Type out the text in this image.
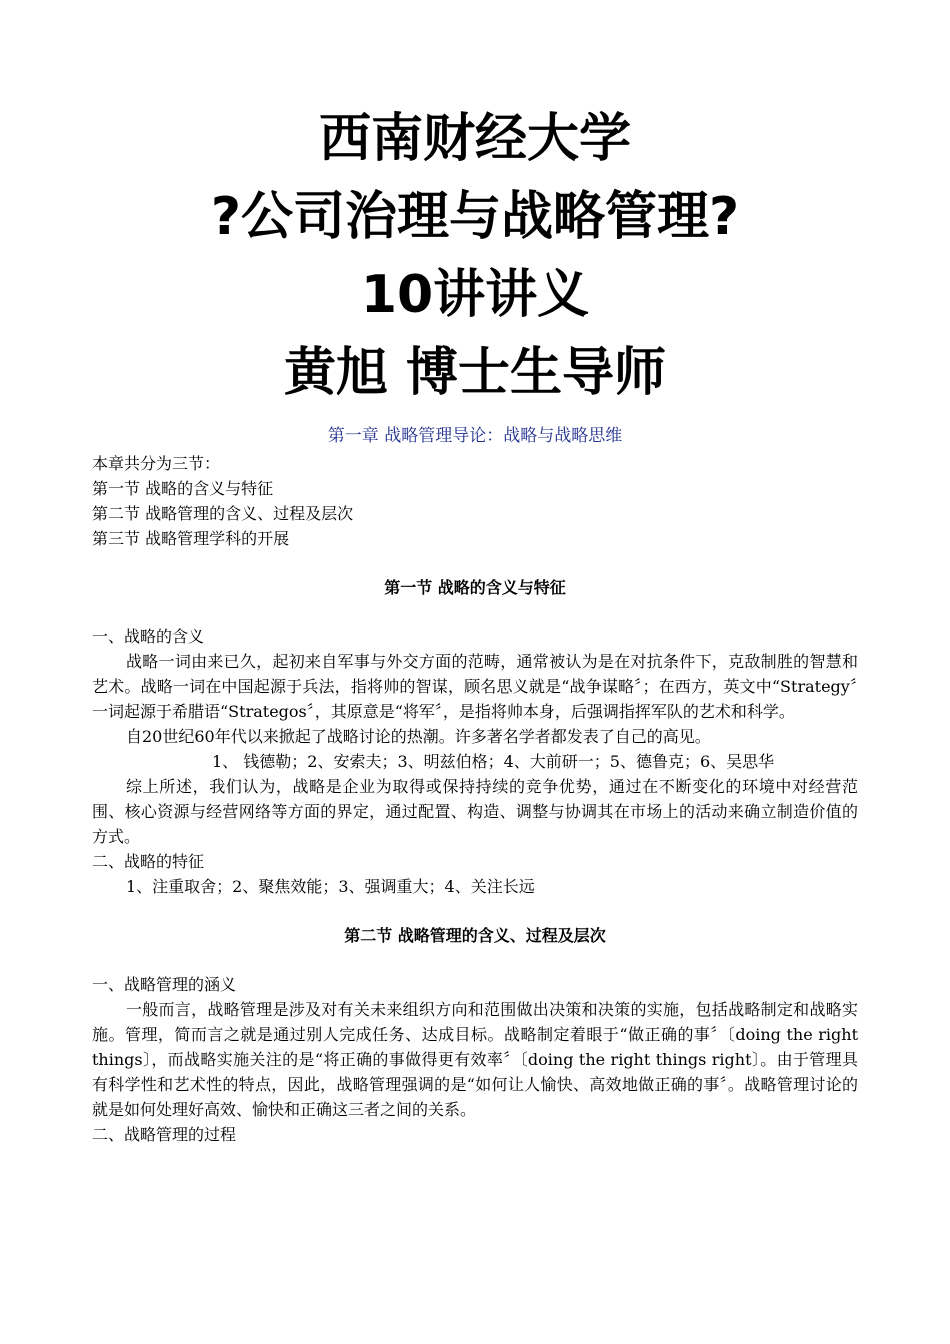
西南财经大学
?公司治理与战略管理?
10讲讲义
黄旭 博士生导师
第一章 战略管理导论：战略与战略思维
本章共分为三节：
第一节 战略的含义与特征
第二节 战略管理的含义、过程及层次
第三节 战略管理学科的开展
第一节 战略的含义与特征
一、战略的含义
战略一词由来已久，起初来自军事与外交方面的范畴，通常被认为是在对抗条件下，克敌制胜的智慧和艺术。战略一词在中国起源于兵法，指将帅的智谋，顾名思义就是“战争谋略〞；在西方，英文中“Strategy〞一词起源于希腊语“Strategos〞，其原意是“将军〞，是指将帅本身，后强调指挥军队的艺术和科学。
自20世纪60年代以来掀起了战略讨论的热潮。许多著名学者都发表了自己的高见。
1、 钱德勒；2、安索夫；3、明兹伯格；4、大前研一；5、德鲁克；6、吴思华
综上所述，我们认为，战略是企业为取得或保持持续的竞争优势，通过在不断变化的环境中对经营范围、核心资源与经营网络等方面的界定，通过配置、构造、调整与协调其在市场上的活动来确立制造价值的方式。
二、战略的特征
1、注重取舍；2、聚焦效能；3、强调重大；4、关注长远
第二节 战略管理的含义、过程及层次
一、战略管理的涵义
一般而言，战略管理是涉及对有关未来组织方向和范围做出决策和决策的实施，包括战略制定和战略实施。管理，简而言之就是通过别人完成任务、达成目标。战略制定着眼于“做正确的事〞〔doing the right things〕，而战略实施关注的是“将正确的事做得更有效率〞〔doing the right things right〕。由于管理具有科学性和艺术性的特点，因此，战略管理强调的是“如何让人愉快、高效地做正确的事〞。战略管理讨论的就是如何处理好高效、愉快和正确这三者之间的关系。
二、战略管理的过程
